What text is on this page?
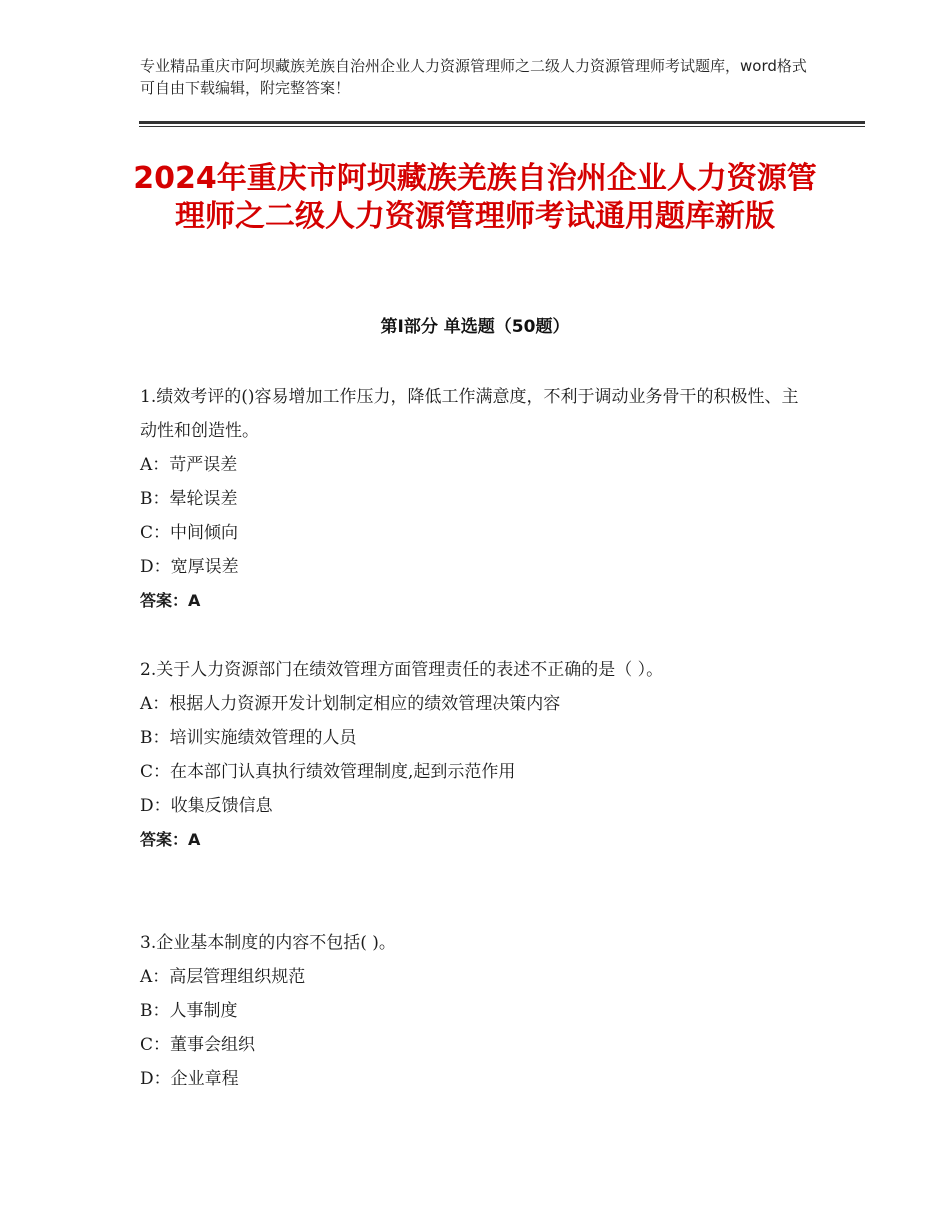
专业精品重庆市阿坝藏族羌族自治州企业人力资源管理师之二级人力资源管理师考试题库，word格式可自由下载编辑，附完整答案！
2024年重庆市阿坝藏族羌族自治州企业人力资源管理师之二级人力资源管理师考试通用题库新版
第Ⅰ部分 单选题（50题）
1.绩效考评的()容易增加工作压力，降低工作满意度，不利于调动业务骨干的积极性、主动性和创造性。
A：苛严误差
B：晕轮误差
C：中间倾向
D：宽厚误差
答案：A
2.关于人力资源部门在绩效管理方面管理责任的表述不正确的是（ ）。
A：根据人力资源开发计划制定相应的绩效管理决策内容
B：培训实施绩效管理的人员
C：在本部门认真执行绩效管理制度,起到示范作用
D：收集反馈信息
答案：A
3.企业基本制度的内容不包括( )。
A：高层管理组织规范
B：人事制度
C：董事会组织
D：企业章程
